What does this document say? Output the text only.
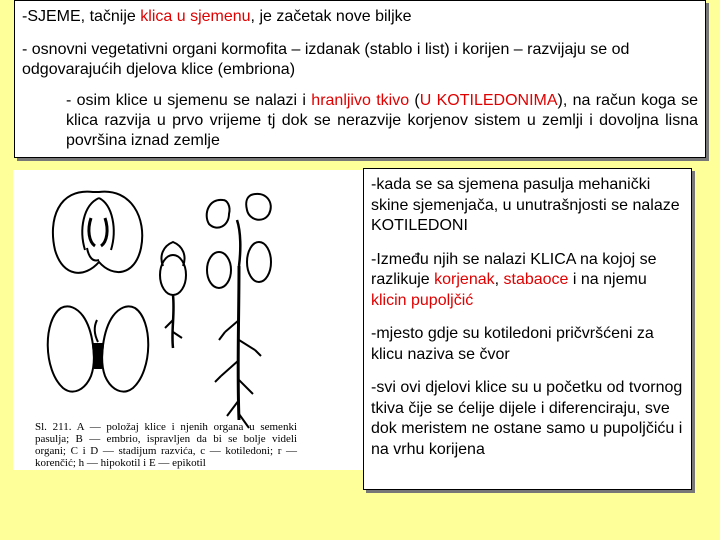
-SJEME, tačnije klica u sjemenu, je začetak nove biljke

- osnovni vegetativni organi kormofita – izdanak (stablo i list) i korijen – razvijaju se od odgovarajućih djelova klice (embriona)

- osim klice u sjemenu se nalazi i hranljivo tkivo (U KOTILEDONIMA), na račun koga se klica razvija u prvo vrijeme tj dok se nerazvije korjenov sistem u zemlji i dovoljna lisna površina iznad zemlje

Sl. 211. A — položaj klice i njenih organa u semenki pasulja; B — embrio, ispravljen da bi se bolje videli organi; C i D — stadijum razvića, c — kotiledoni; r — korenčić; h — hipokotil i E — epikotil

-kada se sa sjemena pasulja mehanički skine sjemenjača, u unutrašnjosti se nalaze KOTILEDONI

-Između njih se nalazi KLICA na kojoj se razlikuje korjenak, stabaoce i na njemu klicin pupoljčić

-mjesto gdje su kotiledoni pričvršćeni za klicu naziva se čvor

-svi ovi djelovi klice su u početku od tvornog tkiva čije se ćelije dijele i diferenciraju, sve dok meristem ne ostane samo u pupoljčiću i na vrhu korijena
